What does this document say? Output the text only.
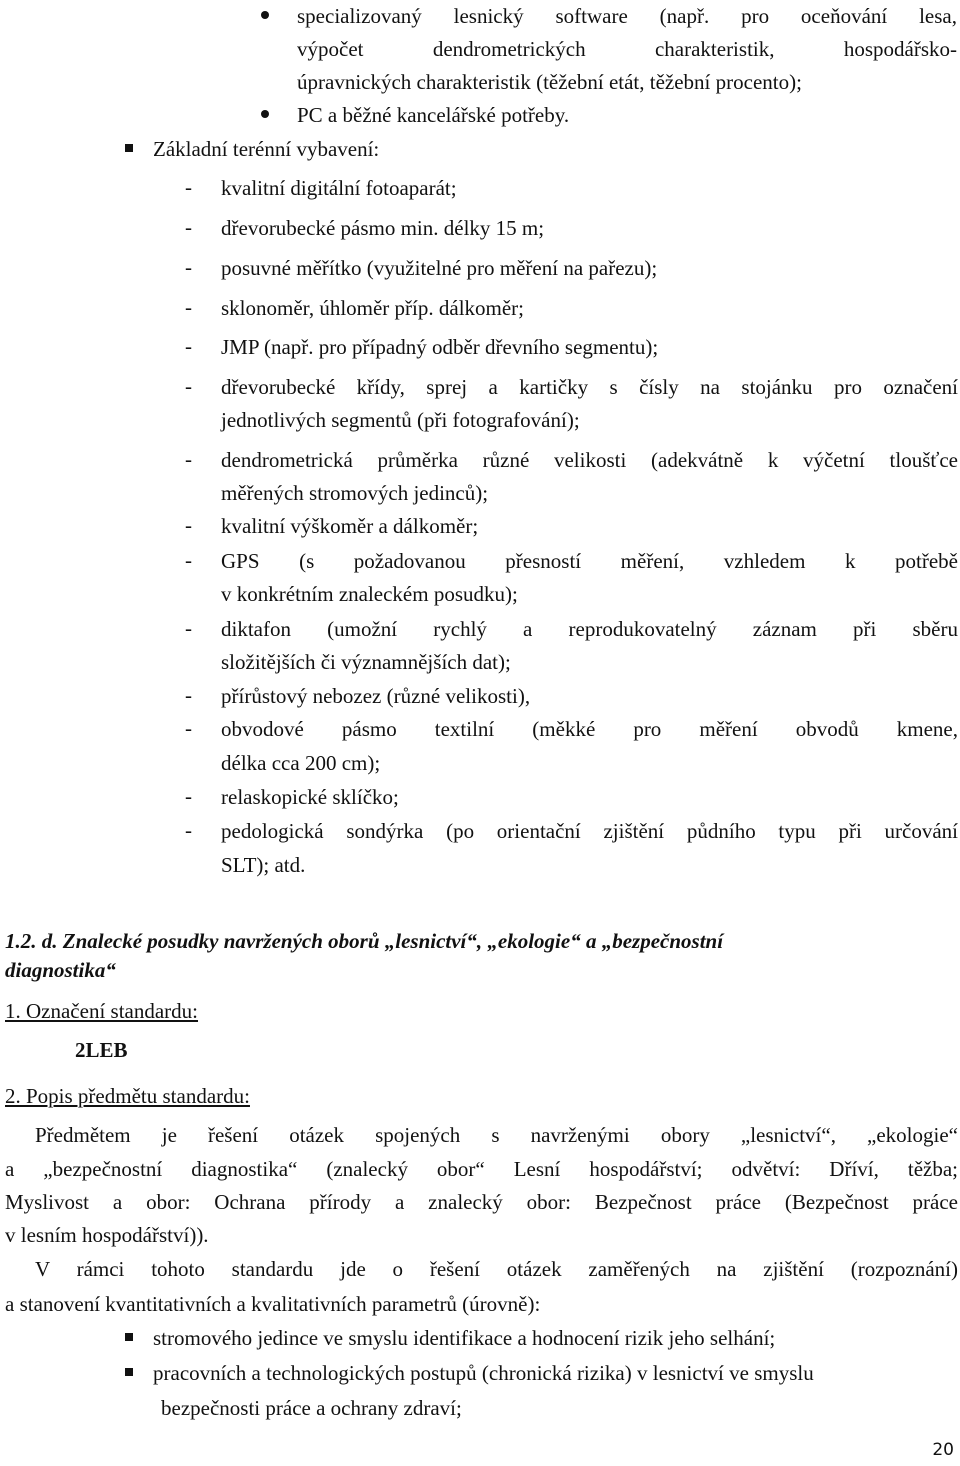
specializovaný lesnický software (např. pro oceňování lesa,
výpočet dendrometrických charakteristik, hospodářsko-
úpravnických charakteristik (těžební etát, těžební procento);
PC a běžné kancelářské potřeby.
Základní terénní vybavení:
- kvalitní digitální fotoaparát;
- dřevorubecké pásmo min. délky 15 m;
- posuvné měřítko (využitelné pro měření na pařezu);
- sklonoměr, úhloměr příp. dálkoměr;
- JMP (např. pro případný odběr dřevního segmentu);
- dřevorubecké křídy, sprej a kartičky s čísly na stojánku pro označení
jednotlivých segmentů (při fotografování);
- dendrometrická průměrka různé velikosti (adekvátně k výčetní tloušťce
měřených stromových jedinců);
- kvalitní výškoměr a dálkoměr;
- GPS (s požadovanou přesností měření, vzhledem k potřebě
v konkrétním znaleckém posudku);
- diktafon (umožní rychlý a reprodukovatelný záznam při sběru
složitějších či významnějších dat);
- přírůstový nebozez (různé velikosti),
- obvodové pásmo textilní (měkké pro měření obvodů kmene,
délka cca 200 cm);
- relaskopické sklíčko;
- pedologická sondýrka (po orientační zjištění půdního typu při určování
SLT); atd.
1.2. d. Znalecké posudky navržených oborů „lesnictví“, „ekologie“ a „bezpečnostní
diagnostika“
1. Označení standardu:
2LEB
2. Popis předmětu standardu:
Předmětem je řešení otázek spojených s navrženými obory „lesnictví“, „ekologie“
a „bezpečnostní diagnostika“ (znalecký obor“ Lesní hospodářství; odvětví: Dříví, těžba;
Myslivost a obor: Ochrana přírody a znalecký obor: Bezpečnost práce (Bezpečnost práce
v lesním hospodářství)).
V rámci tohoto standardu jde o řešení otázek zaměřených na zjištění (rozpoznání)
a stanovení kvantitativních a kvalitativních parametrů (úrovně):
stromového jedince ve smyslu identifikace a hodnocení rizik jeho selhání;
pracovních a technologických postupů (chronická rizika) v lesnictví ve smyslu
bezpečnosti práce a ochrany zdraví;
20
